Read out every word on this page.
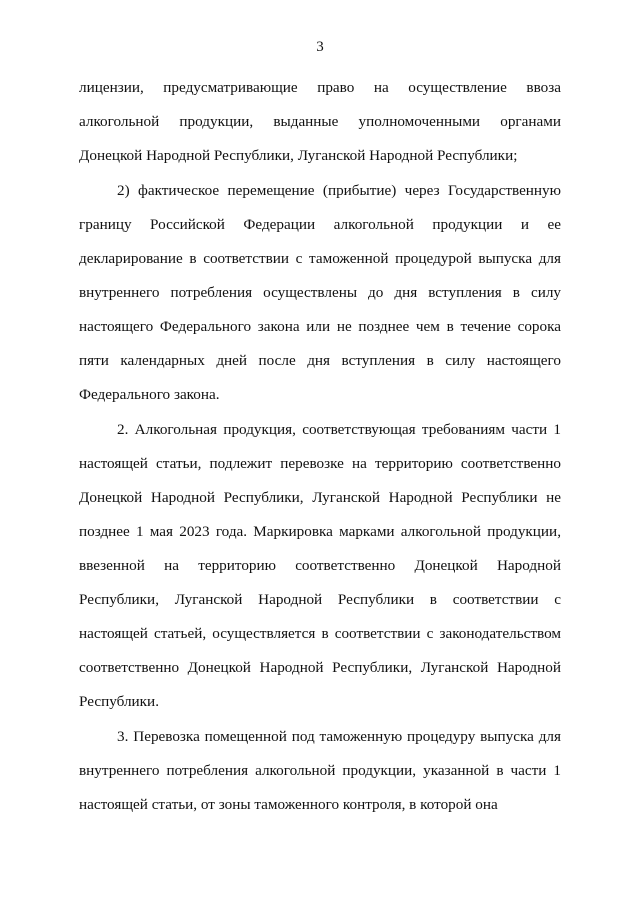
3

лицензии, предусматривающие право на осуществление ввоза алкогольной продукции, выданные уполномоченными органами Донецкой Народной Республики, Луганской Народной Республики;

2) фактическое перемещение (прибытие) через Государственную границу Российской Федерации алкогольной продукции и ее декларирование в соответствии с таможенной процедурой выпуска для внутреннего потребления осуществлены до дня вступления в силу настоящего Федерального закона или не позднее чем в течение сорока пяти календарных дней после дня вступления в силу настоящего Федерального закона.

2. Алкогольная продукция, соответствующая требованиям части 1 настоящей статьи, подлежит перевозке на территорию соответственно Донецкой Народной Республики, Луганской Народной Республики не позднее 1 мая 2023 года. Маркировка марками алкогольной продукции, ввезенной на территорию соответственно Донецкой Народной Республики, Луганской Народной Республики в соответствии с настоящей статьей, осуществляется в соответствии с законодательством соответственно Донецкой Народной Республики, Луганской Народной Республики.

3. Перевозка помещенной под таможенную процедуру выпуска для внутреннего потребления алкогольной продукции, указанной в части 1 настоящей статьи, от зоны таможенного контроля, в которой она
